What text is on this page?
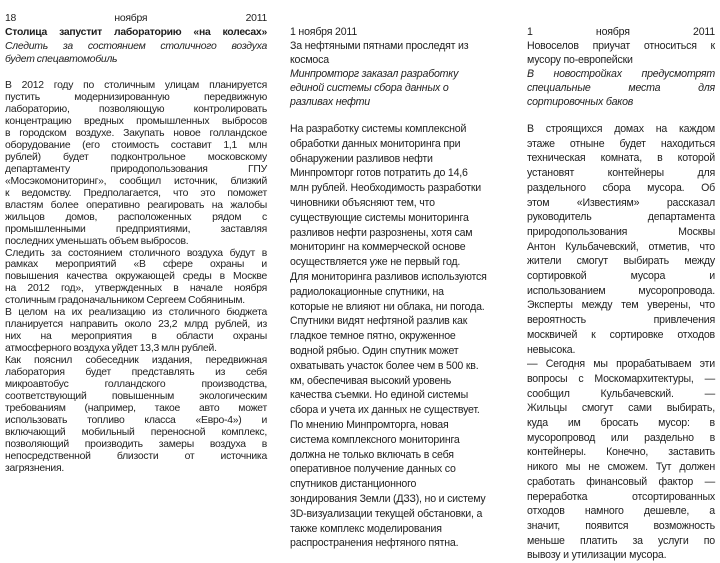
18 ноября 2011
Столица запустит лабораторию «на колесах»
Следить за состоянием столичного воздуха
будет спецавтомобиль
В 2012 году по столичным улицам планируется
пустить модернизированную передвижную
лабораторию, позволяющую контролировать
концентрацию вредных промышленных выбросов
в городском воздухе. Закупать новое голландское
оборудование (его стоимость составит 1,1 млн
рублей) будет подконтрольное московскому
департаменту природопользования ГПУ
«Мосэкомониторинг», сообщил источник, близкий
к ведомству. Предполагается, что это поможет
властям более оперативно реагировать на жалобы
жильцов домов, расположенных рядом с
промышленными предприятиями, заставляя
последних уменьшать объем выбросов.
Следить за состоянием столичного воздуха будут в
рамках мероприятий «В сфере охраны и
повышения качества окружающей среды в Москве
на 2012 год», утвержденных в начале ноября
столичным градоначальником Сергеем Собяниным.
В целом на их реализацию из столичного бюджета
планируется направить около 23,2 млрд рублей, из
них на мероприятия в области охраны
атмосферного воздуха уйдет 13,3 млн рублей.
Как пояснил собеседник издания, передвижная
лаборатория будет представлять из себя
микроавтобус голландского производства,
соответствующий повышенным экологическим
требованиям (например, такое авто может
использовать топливо класса «Евро-4») и
включающий мобильный переносной комплекс,
позволяющий производить замеры воздуха в
непосредственной близости от источника
загрязнения.
1 ноября 2011
За нефтяными пятнами проследят из
космоса
Минпромторг заказал разработку
единой системы сбора данных о
разливах нефти
На разработку системы комплексной
обработки данных мониторинга при
обнаружении разливов нефти
Минпромторг готов потратить до 14,6
млн рублей. Необходимость разработки
чиновники объясняют тем, что
существующие системы мониторинга
разливов нефти разрознены, хотя сам
мониторинг на коммерческой основе
осуществляется уже не первый год.
Для мониторинга разливов используются
радиолокационные спутники, на
которые не влияют ни облака, ни погода.
Спутники видят нефтяной разлив как
гладкое темное пятно, окруженное
водной рябью. Один спутник может
охватывать участок более чем в 500 кв.
км, обеспечивая высокий уровень
качества съемки. Но единой системы
сбора и учета их данных не существует.
По мнению Минпромторга, новая
система комплексного мониторинга
должна не только включать в себя
оперативное получение данных со
спутников дистанционного
зондирования Земли (ДЗЗ), но и систему
3D-визуализации текущей обстановки, а
также комплекс моделирования
распространения нефтяного пятна.
1 ноября 2011
Новоселов приучат относиться к
мусору по-европейски
В новостройках предусмотрят
специальные места для
сортировочных баков
В строящихся домах на каждом
этаже отныне будет находиться
техническая комната, в которой
установят контейнеры для
раздельного сбора мусора. Об
этом «Известиям» рассказал
руководитель департамента
природопользования Москвы
Антон Кульбачевский, отметив, что
жители смогут выбирать между
сортировкой мусора и
использованием мусоропровода.
Эксперты между тем уверены, что
вероятность привлечения
москвичей к сортировке отходов
невысока.
— Сегодня мы прорабатываем эти
вопросы с Москомархитектуры, —
сообщил Кульбачевский. —
Жильцы смогут сами выбирать,
куда им бросать мусор: в
мусоропровод или раздельно в
контейнеры. Конечно, заставить
никого мы не сможем. Тут должен
сработать финансовый фактор —
переработка отсортированных
отходов намного дешевле, а
значит, появится возможность
меньше платить за услуги по
вывозу и утилизации мусора.
